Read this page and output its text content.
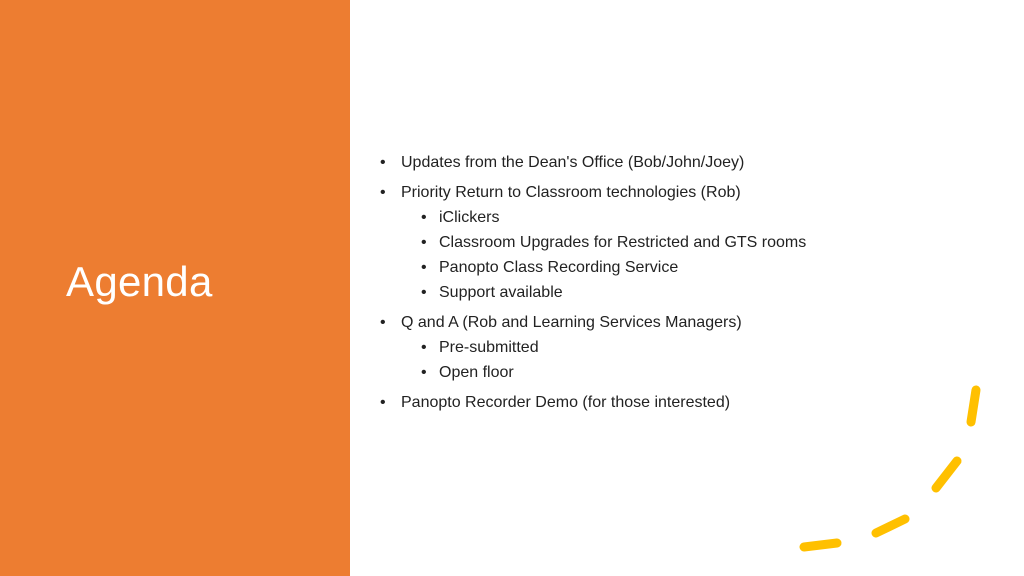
Agenda
• Updates from the Dean's Office (Bob/John/Joey)
• Priority Return to Classroom technologies (Rob)
• iClickers
• Classroom Upgrades for Restricted and GTS rooms
• Panopto Class Recording Service
• Support available
• Q and A (Rob and Learning Services Managers)
• Pre-submitted
• Open floor
• Panopto Recorder Demo (for those interested)
